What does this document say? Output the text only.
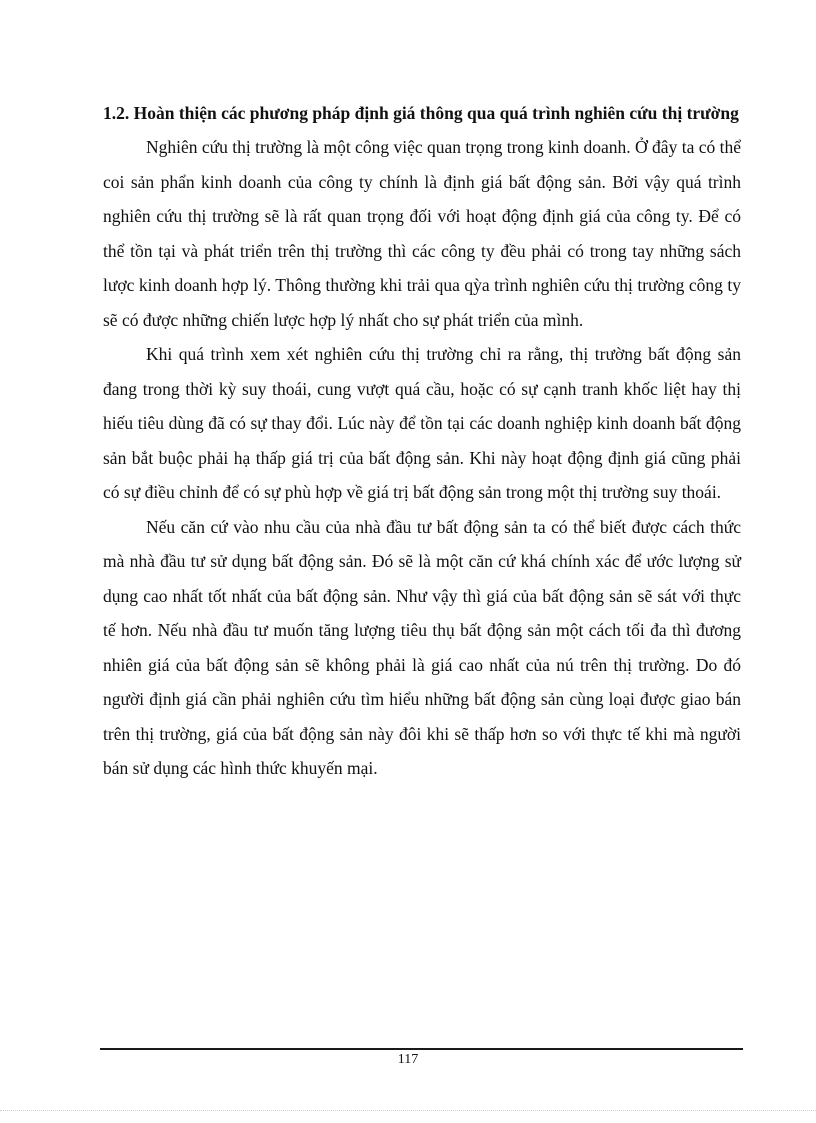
1.2. Hoàn thiện các phương pháp định giá thông qua quá trình nghiên cứu thị trường

Nghiên cứu thị trường là một công việc quan trọng trong kinh doanh. Ở đây ta có thể coi sản phẩn kinh doanh của công ty chính là định giá bất động sản. Bởi vậy quá trình nghiên cứu thị trường sẽ là rất quan trọng đối với hoạt động định giá của công ty. Để có thể tồn tại và phát triển trên thị trường thì các công ty đều phải có trong tay những sách lược kinh doanh hợp lý. Thông thường khi trải qua qỳa trình nghiên cứu thị trường công ty sẽ có được những chiến lược hợp lý nhất cho sự phát triển của mình.

Khi quá trình xem xét nghiên cứu thị trường chỉ ra rằng, thị trường bất động sản đang trong thời kỳ suy thoái, cung vượt quá cầu, hoặc có sự cạnh tranh khốc liệt hay thị hiếu tiêu dùng đã có sự thay đổi. Lúc này để tồn tại các doanh nghiệp kinh doanh bất động sản bắt buộc phải hạ thấp giá trị của bất động sản. Khi này hoạt động định giá cũng phải có sự điều chỉnh để có sự phù hợp về giá trị bất động sản trong một thị trường suy thoái.

Nếu căn cứ vào nhu cầu của nhà đầu tư bất động sản ta có thể biết được cách thức mà nhà đầu tư sử dụng bất động sản. Đó sẽ là một căn cứ khá chính xác để ước lượng sử dụng cao nhất tốt nhất của bất động sản. Như vậy thì giá của bất động sản sẽ sát với thực tế hơn. Nếu nhà đầu tư muốn tăng lượng tiêu thụ bất động sản một cách tối đa thì đương nhiên giá của bất động sản sẽ không phải là giá cao nhất của nú trên thị trường. Do đó người định giá cần phải nghiên cứu tìm hiểu những bất động sản cùng loại được giao bán trên thị trường, giá của bất động sản này đôi khi sẽ thấp hơn so với thực tế khi mà người bán sử dụng các hình thức khuyến mại.

117
